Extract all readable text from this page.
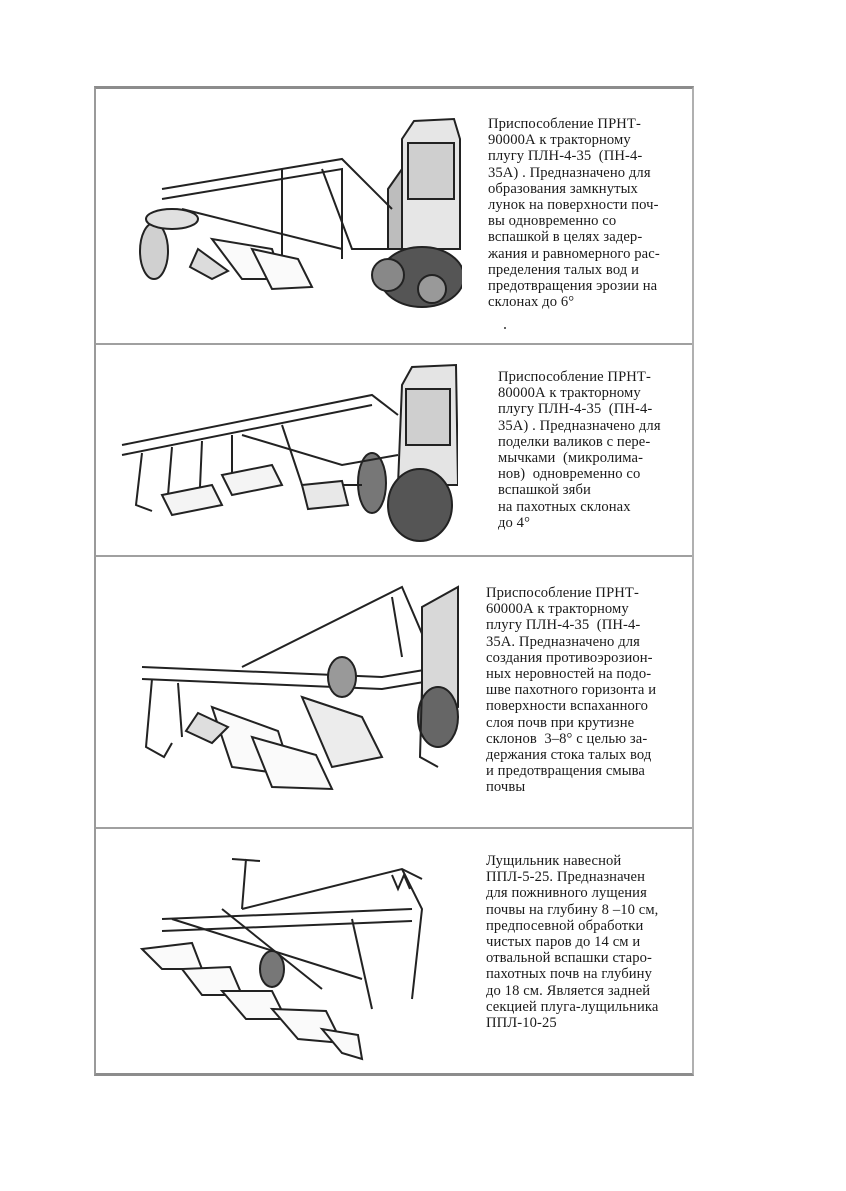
Приспособление ПРНТ-
90000А к тракторному
плугу ПЛН-4-35  (ПН-4-
35А) . Предназначено для
образования замкнутых
лунок на поверхности поч-
вы одновременно со
вспашкой в целях задер-
жания и равномерного рас-
пределения талых вод и
предотвращения эрозии на
склонах до 6°
Приспособление ПРНТ-
80000А к тракторному
плугу ПЛН-4-35  (ПН-4-
35А) . Предназначено для
поделки валиков с пере-
мычками  (микролима-
нов)  одновременно со
вспашкой зяби
на пахотных склонах
до 4°
Приспособление ПРНТ-
60000А к тракторному
плугу ПЛН-4-35  (ПН-4-
35А. Предназначено для
создания противоэрозион-
ных неровностей на подо-
шве пахотного горизонта и
поверхности вспаханного
слоя почв при крутизне
склонов  3–8° с целью за-
держания стока талых вод
и предотвращения смыва
почвы
Лущильник навесной
ППЛ-5-25. Предназначен
для пожнивного лущения
почвы на глубину 8 –10 см,
предпосевной обработки
чистых паров до 14 см и
отвальной вспашки старо-
пахотных почв на глубину
до 18 см. Является задней
секцией плуга-лущильника
ППЛ-10-25
